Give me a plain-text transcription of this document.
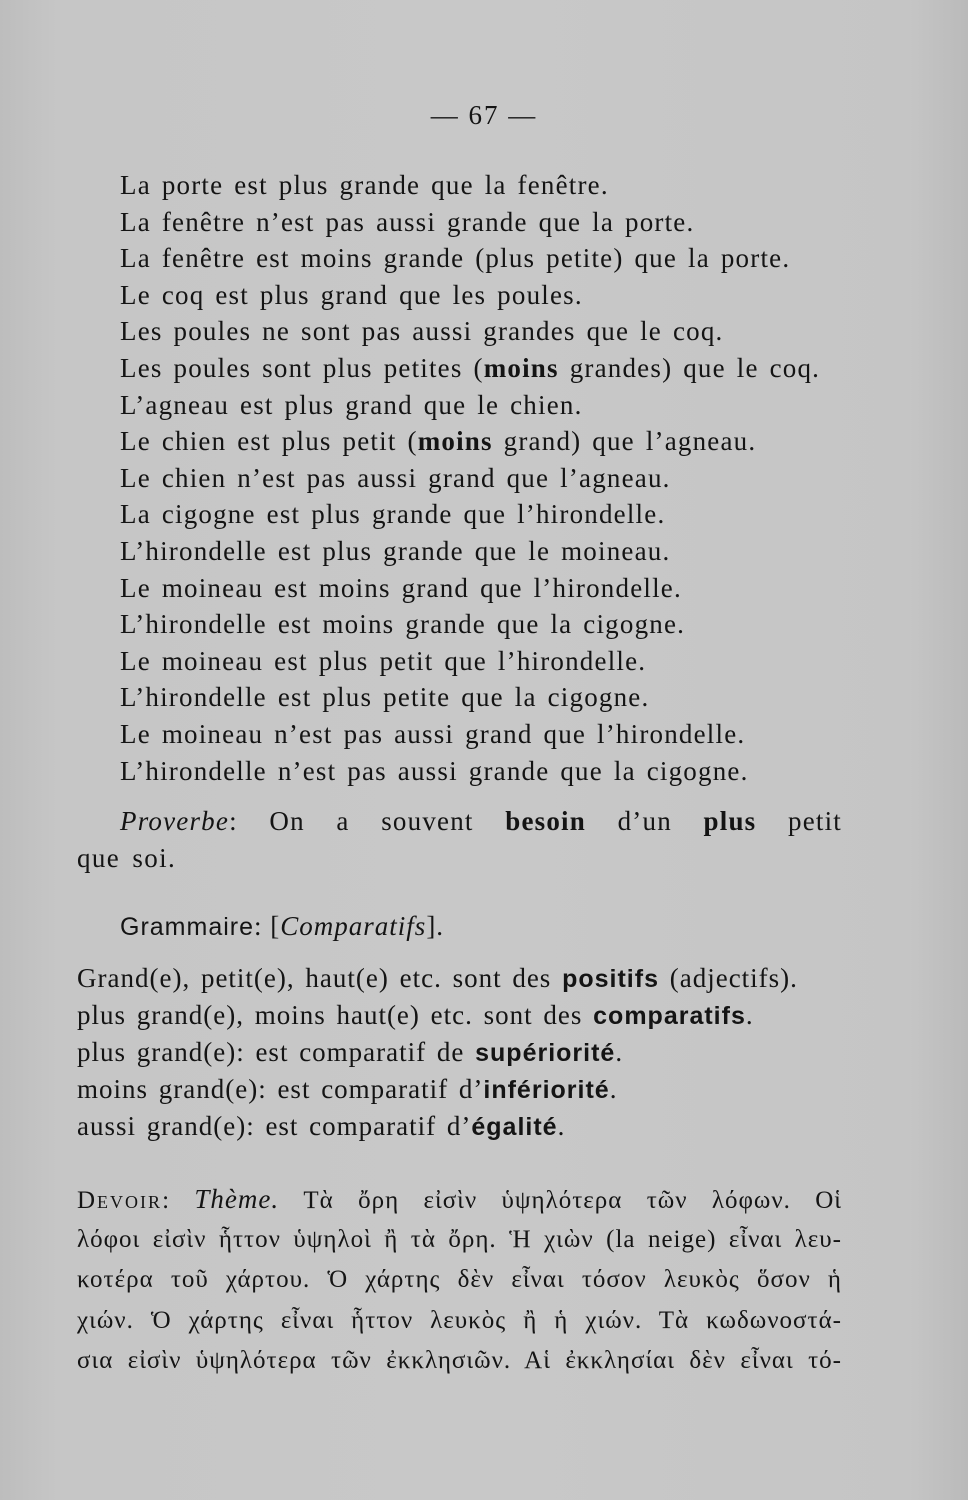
— 67 —
La porte est plus grande que la fenêtre.
La fenêtre n’est pas aussi grande que la porte.
La fenêtre est moins grande (plus petite) que la porte.
Le coq est plus grand que les poules.
Les poules ne sont pas aussi grandes que le coq.
Les poules sont plus petites (moins grandes) que le coq.
L’agneau est plus grand que le chien.
Le chien est plus petit (moins grand) que l’agneau.
Le chien n’est pas aussi grand que l’agneau.
La cigogne est plus grande que l’hirondelle.
L’hirondelle est plus grande que le moineau.
Le moineau est moins grand que l’hirondelle.
L’hirondelle est moins grande que la cigogne.
Le moineau est plus petit que l’hirondelle.
L’hirondelle est plus petite que la cigogne.
Le moineau n’est pas aussi grand que l’hirondelle.
L’hirondelle n’est pas aussi grande que la cigogne.
Proverbe: On a souvent besoin d’un plus petit
que soi.
Grammaire: [Comparatifs].
Grand(e), petit(e), haut(e) etc. sont des positifs (adjectifs).
plus grand(e), moins haut(e) etc. sont des comparatifs.
plus grand(e): est comparatif de supériorité.
moins grand(e): est comparatif d’infériorité.
aussi grand(e): est comparatif d’égalité.
Devoir: Thème. Τὰ ὄρη εἰσὶν ὑψηλότερα τῶν λόφων. Οἱ
λόφοι εἰσὶν ἧττον ὑψηλοὶ ἢ τὰ ὄρη. Ἡ χιὼν (la neige) εἶναι λευ-
κοτέρα τοῦ χάρτου. Ὁ χάρτης δὲν εἶναι τόσον λευκὸς ὅσον ἡ
χιών. Ὁ χάρτης εἶναι ἧττον λευκὸς ἢ ἡ χιών. Τὰ κωδωνοστά-
σια εἰσὶν ὑψηλότερα τῶν ἐκκλησιῶν. Αἱ ἐκκλησίαι δὲν εἶναι τό-
